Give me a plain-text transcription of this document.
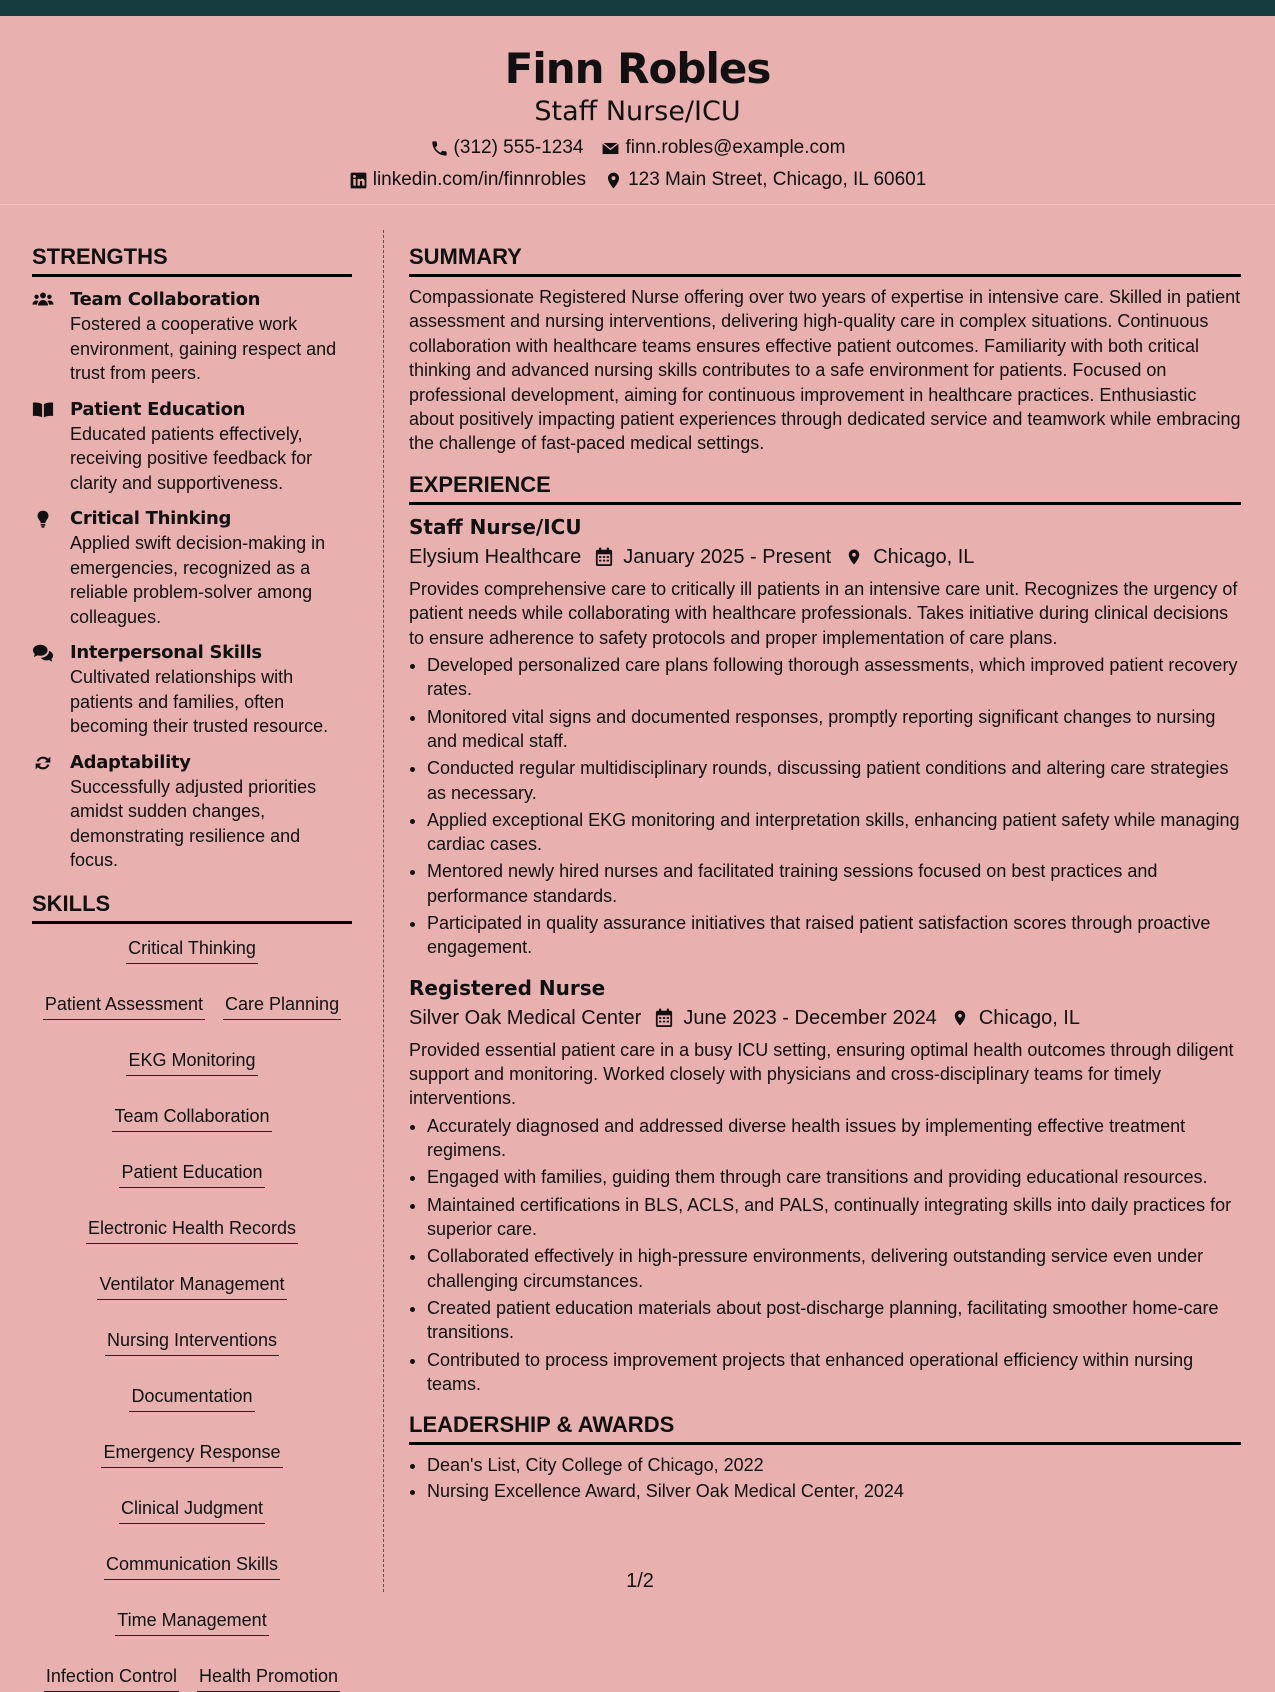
Finn Robles
Staff Nurse/ICU
(312) 555-1234 finn.robles@example.com
linkedin.com/in/finnrobles 123 Main Street, Chicago, IL 60601
STRENGTHS
Team Collaboration
Fostered a cooperative work environment, gaining respect and trust from peers.
Patient Education
Educated patients effectively, receiving positive feedback for clarity and supportiveness.
Critical Thinking
Applied swift decision-making in emergencies, recognized as a reliable problem-solver among colleagues.
Interpersonal Skills
Cultivated relationships with patients and families, often becoming their trusted resource.
Adaptability
Successfully adjusted priorities amidst sudden changes, demonstrating resilience and focus.
SKILLS
Critical Thinking
Patient Assessment Care Planning
EKG Monitoring
Team Collaboration
Patient Education
Electronic Health Records
Ventilator Management
Nursing Interventions
Documentation
Emergency Response
Clinical Judgment
Communication Skills
Time Management
Infection Control Health Promotion
SUMMARY

Compassionate Registered Nurse offering over two years of expertise in intensive care. Skilled in patient assessment and nursing interventions, delivering high-quality care in complex situations. Continuous collaboration with healthcare teams ensures effective patient outcomes. Familiarity with both critical thinking and advanced nursing skills contributes to a safe environment for patients. Focused on professional development, aiming for continuous improvement in healthcare practices. Enthusiastic about positively impacting patient experiences through dedicated service and teamwork while embracing the challenge of fast-paced medical settings.

EXPERIENCE
Staff Nurse/ICU
Elysium Healthcare January 2025 - Present Chicago, IL

Provides comprehensive care to critically ill patients in an intensive care unit. Recognizes the urgency of patient needs while collaborating with healthcare professionals. Takes initiative during clinical decisions to ensure adherence to safety protocols and proper implementation of care plans.

• Developed personalized care plans following thorough assessments, which improved patient recovery rates.
• Monitored vital signs and documented responses, promptly reporting significant changes to nursing and medical staff.
• Conducted regular multidisciplinary rounds, discussing patient conditions and altering care strategies as necessary.
• Applied exceptional EKG monitoring and interpretation skills, enhancing patient safety while managing cardiac cases.
• Mentored newly hired nurses and facilitated training sessions focused on best practices and performance standards.
• Participated in quality assurance initiatives that raised patient satisfaction scores through proactive engagement.
Registered Nurse
Silver Oak Medical Center June 2023 - December 2024 Chicago, IL

Provided essential patient care in a busy ICU setting, ensuring optimal health outcomes through diligent support and monitoring. Worked closely with physicians and cross-disciplinary teams for timely interventions.

• Accurately diagnosed and addressed diverse health issues by implementing effective treatment regimens.
• Engaged with families, guiding them through care transitions and providing educational resources.
• Maintained certifications in BLS, ACLS, and PALS, continually integrating skills into daily practices for superior care.
• Collaborated effectively in high-pressure environments, delivering outstanding service even under challenging circumstances.
• Created patient education materials about post-discharge planning, facilitating smoother home-care transitions.
• Contributed to process improvement projects that enhanced operational efficiency within nursing teams.
LEADERSHIP & AWARDS
• Dean's List, City College of Chicago, 2022
• Nursing Excellence Award, Silver Oak Medical Center, 2024
1/2
